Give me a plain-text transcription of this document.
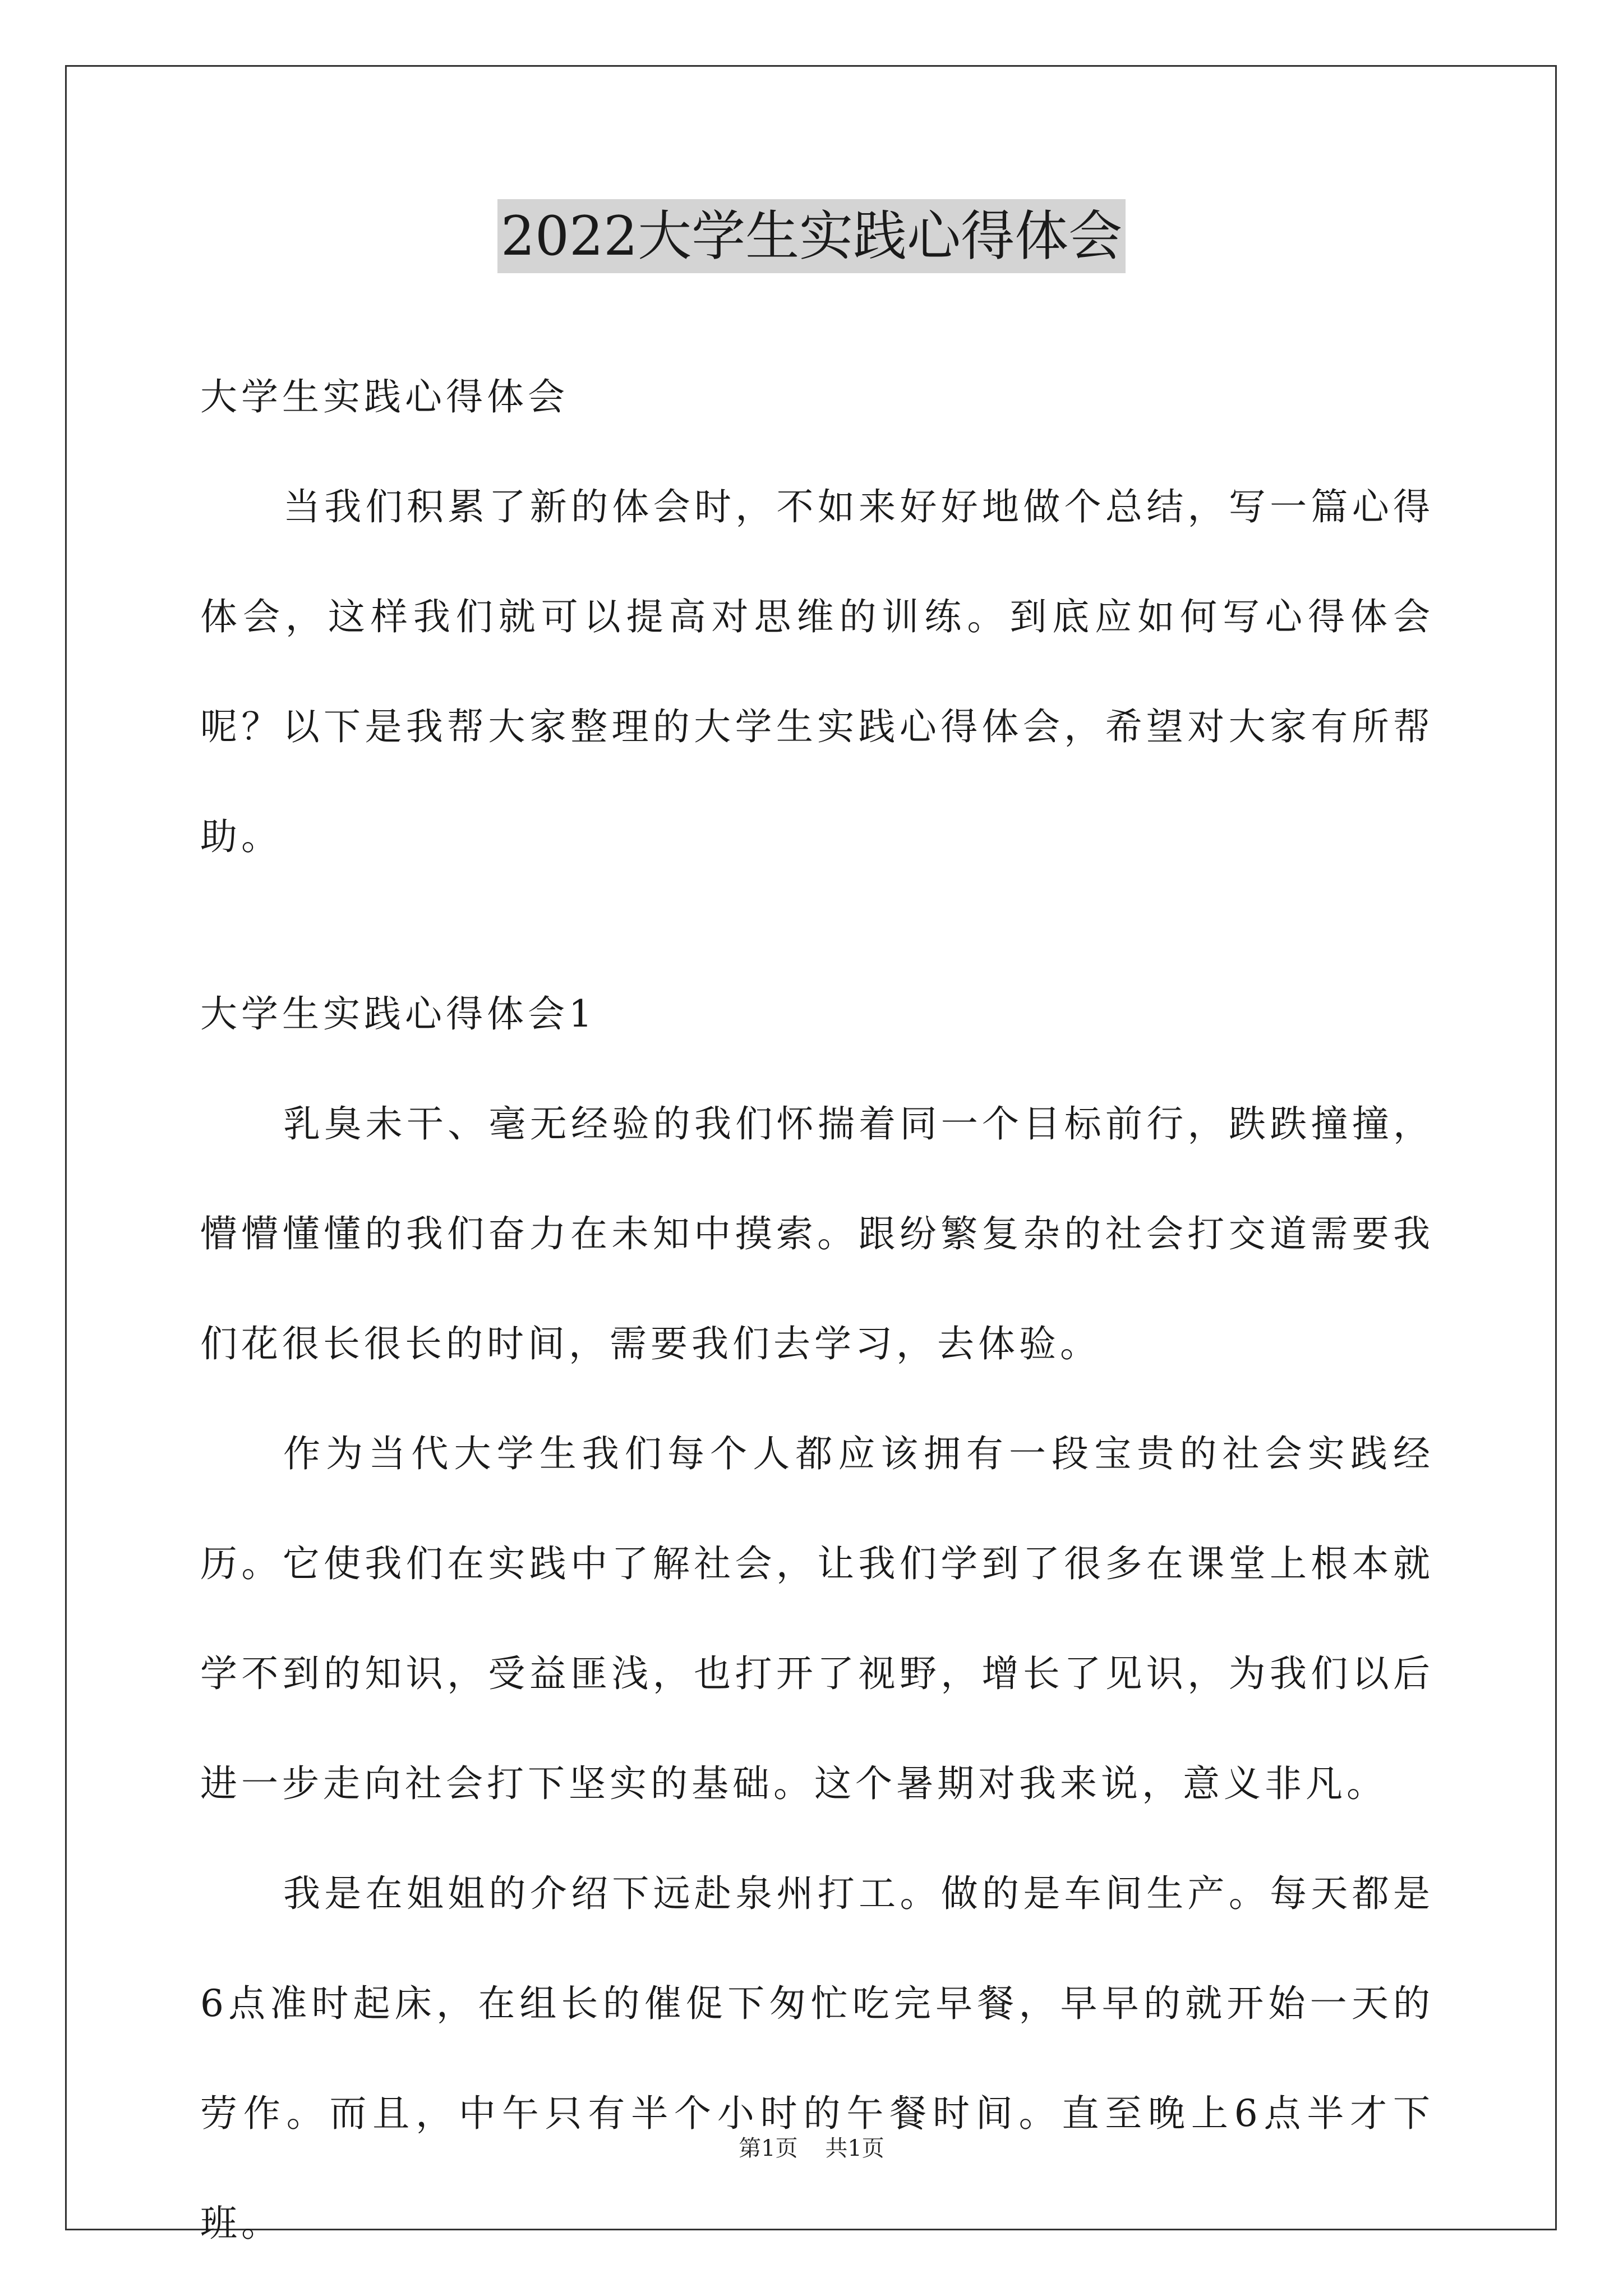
2022大学生实践心得体会

大学生实践心得体会

当我们积累了新的体会时，不如来好好地做个总结，写一篇心得体会，这样我们就可以提高对思维的训练。到底应如何写心得体会呢？以下是我帮大家整理的大学生实践心得体会，希望对大家有所帮助。

大学生实践心得体会1

乳臭未干、毫无经验的我们怀揣着同一个目标前行，跌跌撞撞，懵懵懂懂的我们奋力在未知中摸索。跟纷繁复杂的社会打交道需要我们花很长很长的时间，需要我们去学习，去体验。

作为当代大学生我们每个人都应该拥有一段宝贵的社会实践经历。它使我们在实践中了解社会，让我们学到了很多在课堂上根本就学不到的知识，受益匪浅，也打开了视野，增长了见识，为我们以后进一步走向社会打下坚实的基础。这个暑期对我来说，意义非凡。

我是在姐姐的介绍下远赴泉州打工。做的是车间生产。每天都是6点准时起床，在组长的催促下匆忙吃完早餐，早早的就开始一天的劳作。而且，中午只有半个小时的午餐时间。直至晚上6点半才下班。

第1页 共1页
